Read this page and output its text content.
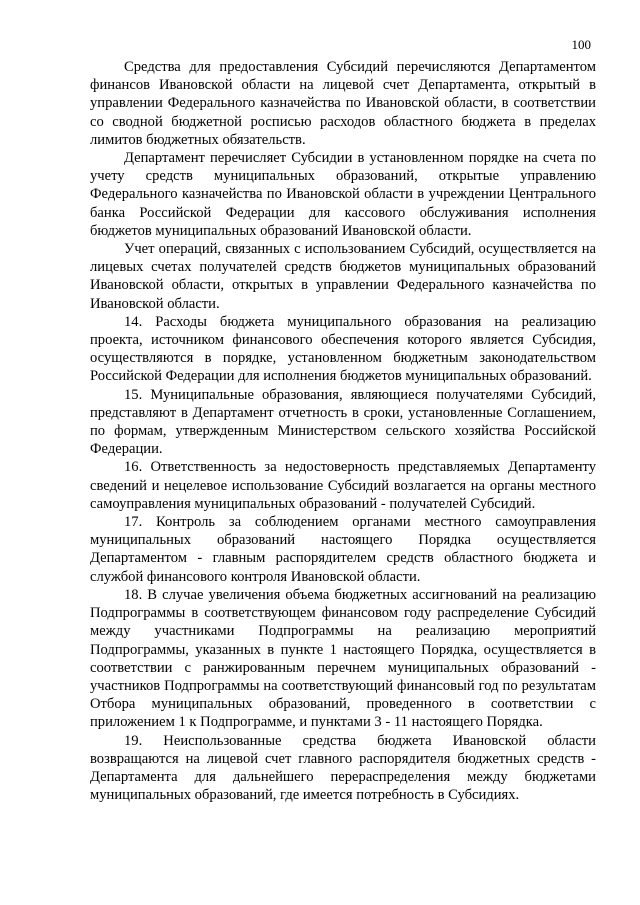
100

Средства для предоставления Субсидий перечисляются Департаментом финансов Ивановской области на лицевой счет Департамента, открытый в управлении Федерального казначейства по Ивановской области, в соответствии со сводной бюджетной росписью расходов областного бюджета в пределах лимитов бюджетных обязательств.

Департамент перечисляет Субсидии в установленном порядке на счета по учету средств муниципальных образований, открытые управлению Федерального казначейства по Ивановской области в учреждении Центрального банка Российской Федерации для кассового обслуживания исполнения бюджетов муниципальных образований Ивановской области.

Учет операций, связанных с использованием Субсидий, осуществляется на лицевых счетах получателей средств бюджетов муниципальных образований Ивановской области, открытых в управлении Федерального казначейства по Ивановской области.

14. Расходы бюджета муниципального образования на реализацию проекта, источником финансового обеспечения которого является Субсидия, осуществляются в порядке, установленном бюджетным законодательством Российской Федерации для исполнения бюджетов муниципальных образований.

15. Муниципальные образования, являющиеся получателями Субсидий, представляют в Департамент отчетность в сроки, установленные Соглашением, по формам, утвержденным Министерством сельского хозяйства Российской Федерации.

16. Ответственность за недостоверность представляемых Департаменту сведений и нецелевое использование Субсидий возлагается на органы местного самоуправления муниципальных образований - получателей Субсидий.

17. Контроль за соблюдением органами местного самоуправления муниципальных образований настоящего Порядка осуществляется Департаментом - главным распорядителем средств областного бюджета и службой финансового контроля Ивановской области.

18. В случае увеличения объема бюджетных ассигнований на реализацию Подпрограммы в соответствующем финансовом году распределение Субсидий между участниками Подпрограммы на реализацию мероприятий Подпрограммы, указанных в пункте 1 настоящего Порядка, осуществляется в соответствии с ранжированным перечнем муниципальных образований - участников Подпрограммы на соответствующий финансовый год по результатам Отбора муниципальных образований, проведенного в соответствии с приложением 1 к Подпрограмме, и пунктами 3 - 11 настоящего Порядка.

19. Неиспользованные средства бюджета Ивановской области возвращаются на лицевой счет главного распорядителя бюджетных средств - Департамента для дальнейшего перераспределения между бюджетами муниципальных образований, где имеется потребность в Субсидиях.
